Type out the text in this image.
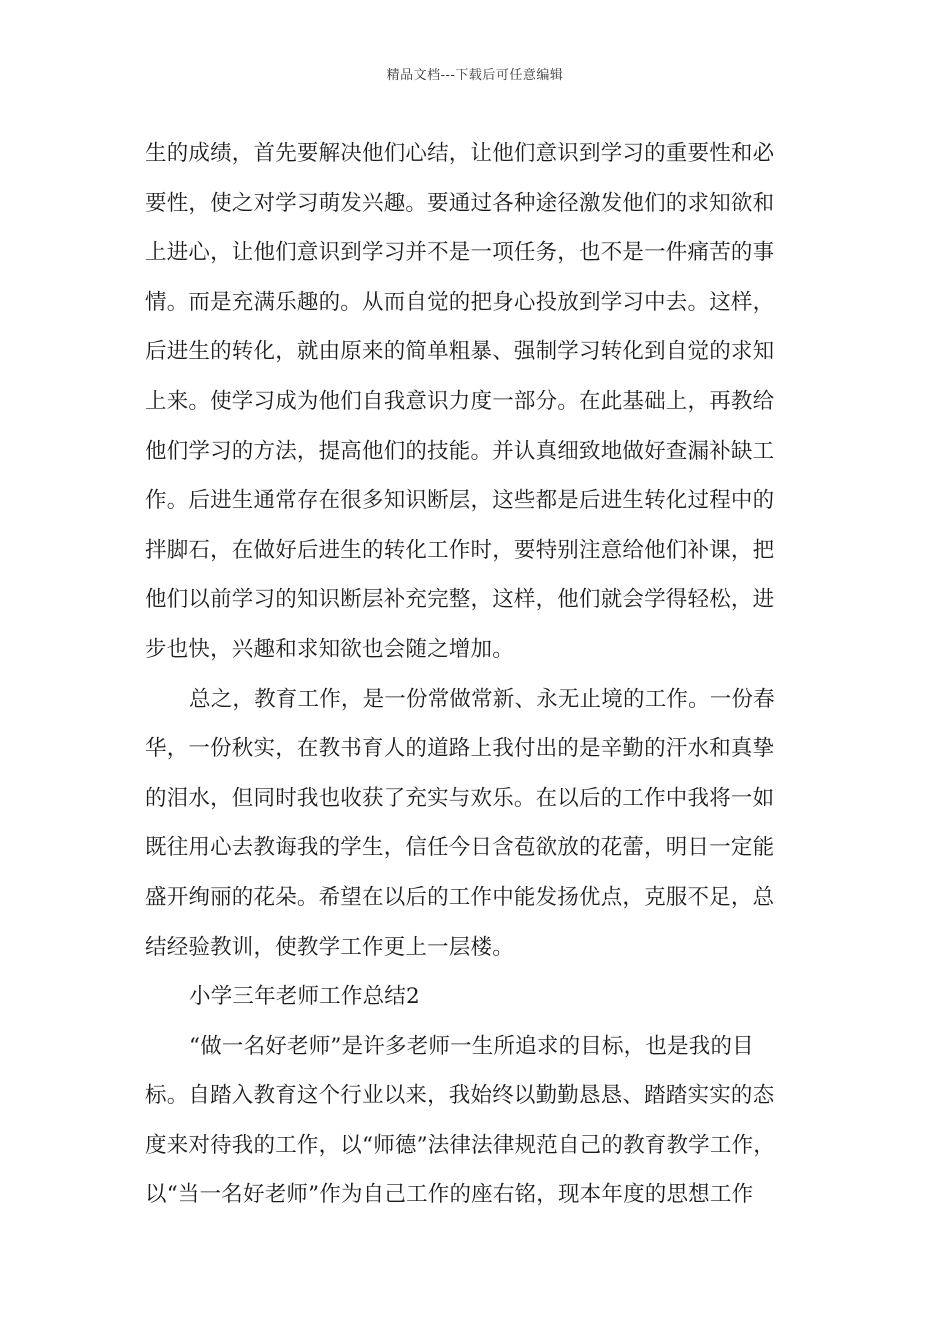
精品文档---下载后可任意编辑
生的成绩，首先要解决他们心结，让他们意识到学习的重要性和必
要性，使之对学习萌发兴趣。要通过各种途径激发他们的求知欲和
上进心，让他们意识到学习并不是一项任务，也不是一件痛苦的事
情。而是充满乐趣的。从而自觉的把身心投放到学习中去。这样，
后进生的转化，就由原来的简单粗暴、强制学习转化到自觉的求知
上来。使学习成为他们自我意识力度一部分。在此基础上，再教给
他们学习的方法，提高他们的技能。并认真细致地做好查漏补缺工
作。后进生通常存在很多知识断层，这些都是后进生转化过程中的
拌脚石，在做好后进生的转化工作时，要特别注意给他们补课，把
他们以前学习的知识断层补充完整，这样，他们就会学得轻松，进
步也快，兴趣和求知欲也会随之增加。
总之，教育工作，是一份常做常新、永无止境的工作。一份春
华，一份秋实，在教书育人的道路上我付出的是辛勤的汗水和真挚
的泪水，但同时我也收获了充实与欢乐。在以后的工作中我将一如
既往用心去教诲我的学生，信任今日含苞欲放的花蕾，明日一定能
盛开绚丽的花朵。希望在以后的工作中能发扬优点，克服不足，总
结经验教训，使教学工作更上一层楼。
小学三年老师工作总结2
“做一名好老师”是许多老师一生所追求的目标，也是我的目
标。自踏入教育这个行业以来，我始终以勤勤恳恳、踏踏实实的态
度来对待我的工作，以“师德”法律法律规范自己的教育教学工作，
以“当一名好老师”作为自己工作的座右铭，现本年度的思想工作
